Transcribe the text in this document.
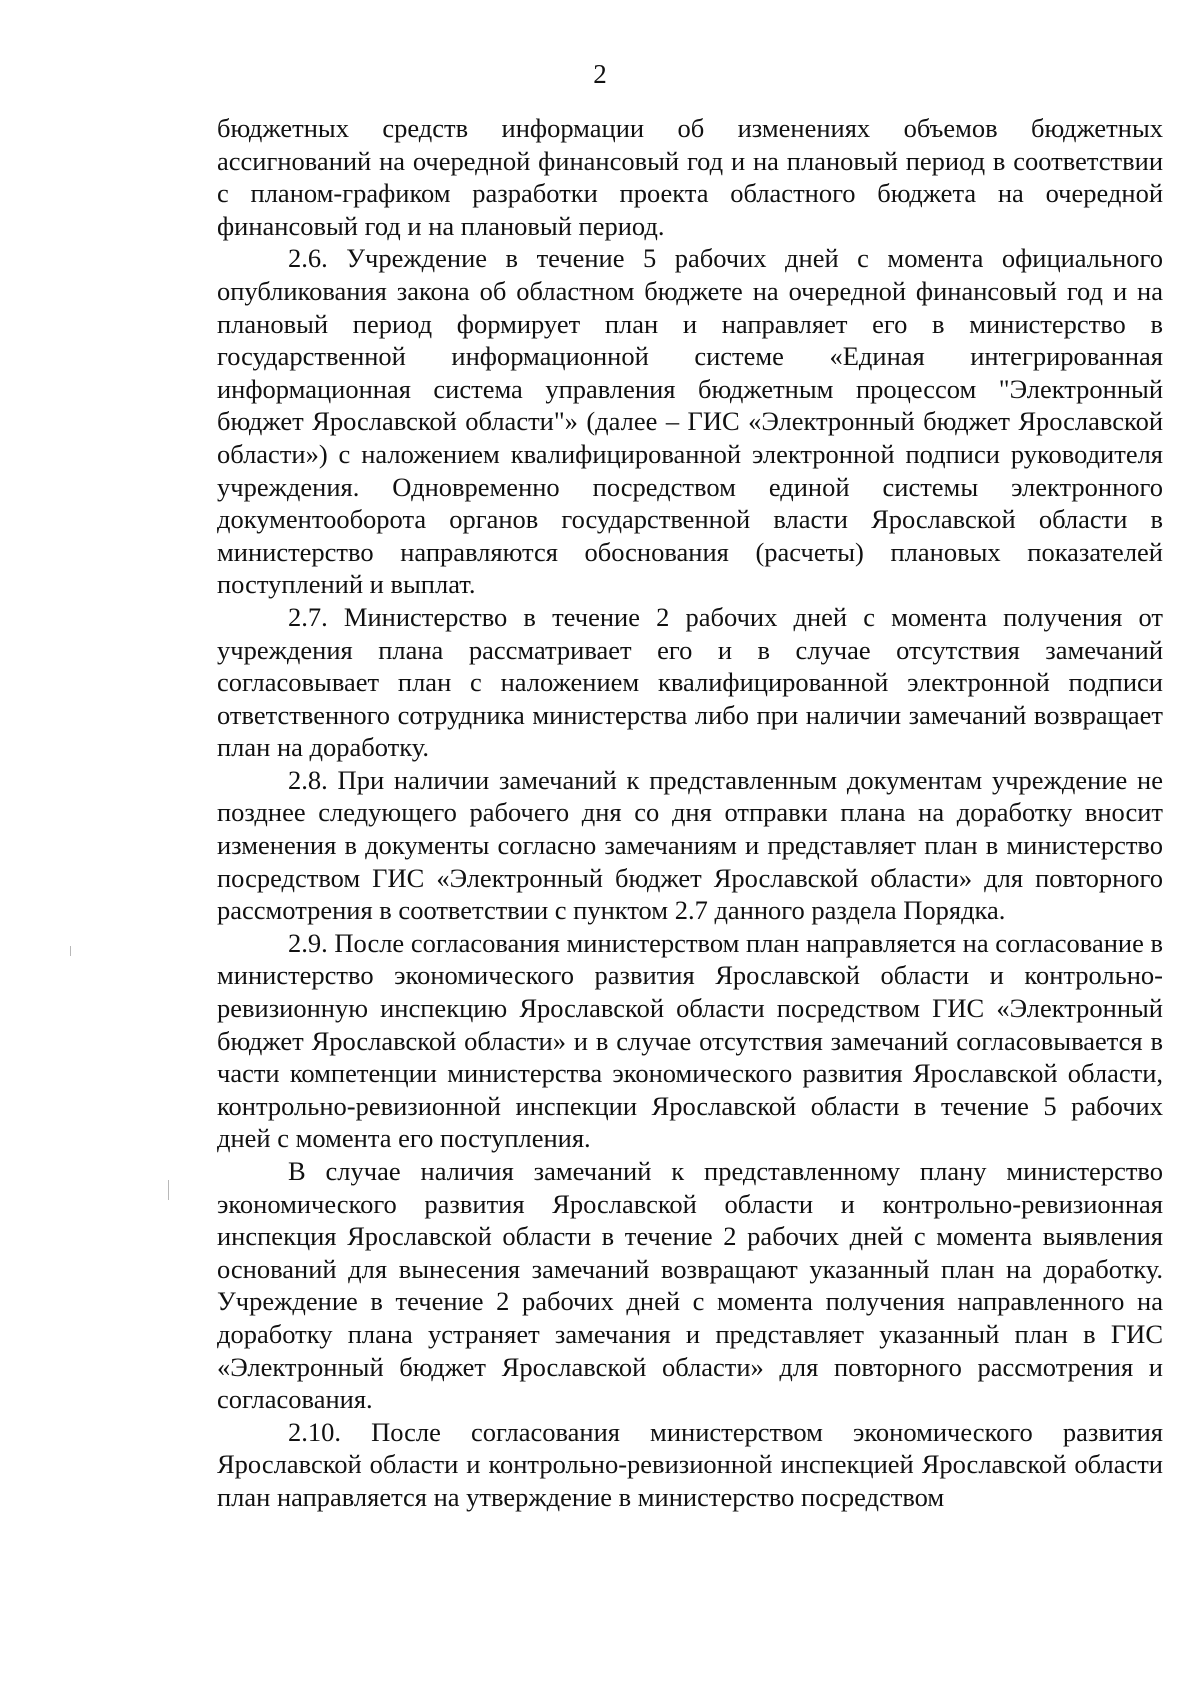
2

бюджетных средств информации об изменениях объемов бюджетных ассигнований на очередной финансовый год и на плановый период в соответствии с планом-графиком разработки проекта областного бюджета на очередной финансовый год и на плановый период.

2.6. Учреждение в течение 5 рабочих дней с момента официального опубликования закона об областном бюджете на очередной финансовый год и на плановый период формирует план и направляет его в министерство в государственной информационной системе «Единая интегрированная информационная система управления бюджетным процессом "Электронный бюджет Ярославской области"» (далее – ГИС «Электронный бюджет Ярославской области») с наложением квалифицированной электронной подписи руководителя учреждения. Одновременно посредством единой системы электронного документооборота органов государственной власти Ярославской области в министерство направляются обоснования (расчеты) плановых показателей поступлений и выплат.

2.7. Министерство в течение 2 рабочих дней с момента получения от учреждения плана рассматривает его и в случае отсутствия замечаний согласовывает план с наложением квалифицированной электронной подписи ответственного сотрудника министерства либо при наличии замечаний возвращает план на доработку.

2.8. При наличии замечаний к представленным документам учреждение не позднее следующего рабочего дня со дня отправки плана на доработку вносит изменения в документы согласно замечаниям и представляет план в министерство посредством ГИС «Электронный бюджет Ярославской области» для повторного рассмотрения в соответствии с пунктом 2.7 данного раздела Порядка.

2.9. После согласования министерством план направляется на согласование в министерство экономического развития Ярославской области и контрольно-ревизионную инспекцию Ярославской области посредством ГИС «Электронный бюджет Ярославской области» и в случае отсутствия замечаний согласовывается в части компетенции министерства экономического развития Ярославской области, контрольно-ревизионной инспекции Ярославской области в течение 5 рабочих дней с момента его поступления.

В случае наличия замечаний к представленному плану министерство экономического развития Ярославской области и контрольно-ревизионная инспекция Ярославской области в течение 2 рабочих дней с момента выявления оснований для вынесения замечаний возвращают указанный план на доработку. Учреждение в течение 2 рабочих дней с момента получения направленного на доработку плана устраняет замечания и представляет указанный план в ГИС «Электронный бюджет Ярославской области» для повторного рассмотрения и согласования.

2.10. После согласования министерством экономического развития Ярославской области и контрольно-ревизионной инспекцией Ярославской области план направляется на утверждение в министерство посредством
